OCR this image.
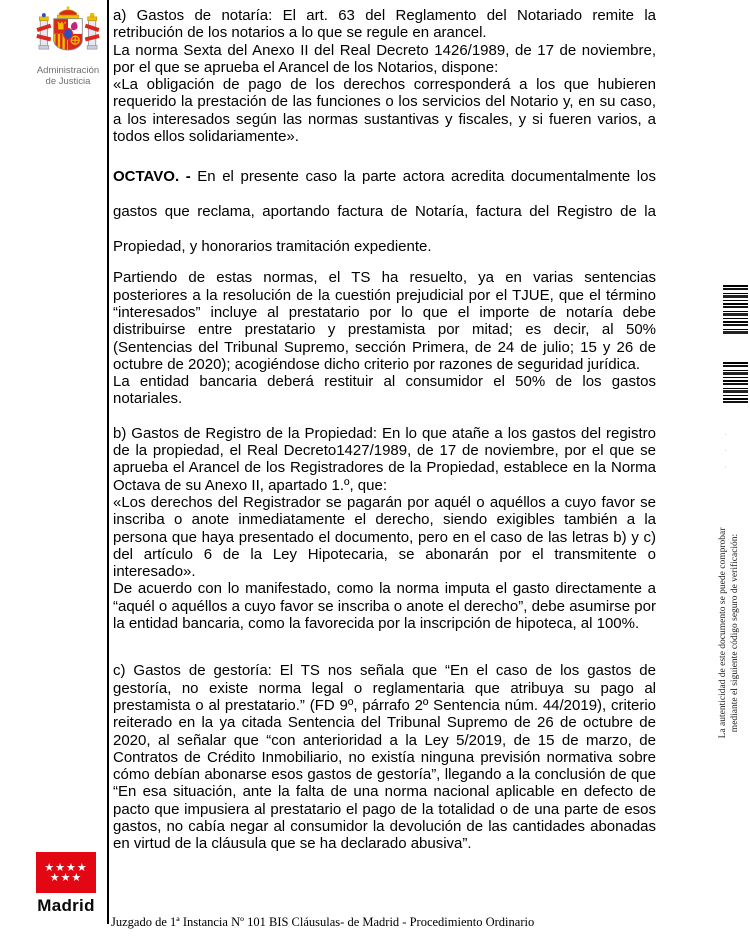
Administración
de Justicia
★★★★
★★★
Madrid

a) Gastos de notaría: El art. 63 del Reglamento del Notariado remite la retribución de los notarios a lo que se regule en arancel.

La norma Sexta del Anexo II del Real Decreto 1426/1989, de 17 de noviembre, por el que se aprueba el Arancel de los Notarios, dispone:

«La obligación de pago de los derechos corresponderá a los que hubieren requerido la prestación de las funciones o los servicios del Notario y, en su caso, a los interesados según las normas sustantivas y fiscales, y si fueren varios, a todos ellos solidariamente».

OCTAVO. - En el presente caso la parte actora acredita documentalmente los gastos que reclama, aportando factura de Notaría, factura del Registro de la Propiedad, y honorarios tramitación expediente.

Partiendo de estas normas, el TS ha resuelto, ya en varias sentencias posteriores a la resolución de la cuestión prejudicial por el TJUE, que el término “interesados” incluye al prestatario por lo que el importe de notaría debe distribuirse entre prestatario y prestamista por mitad; es decir, al 50% (Sentencias del Tribunal Supremo, sección Primera, de 24 de julio; 15 y 26 de octubre de 2020); acogiéndose dicho criterio por razones de seguridad jurídica.

La entidad bancaria deberá restituir al consumidor el 50% de los gastos notariales.

b) Gastos de Registro de la Propiedad: En lo que atañe a los gastos del registro de la propiedad, el Real Decreto1427/1989, de 17 de noviembre, por el que se aprueba el Arancel de los Registradores de la Propiedad, establece en la Norma Octava de su Anexo II, apartado 1.º, que:

«Los derechos del Registrador se pagarán por aquél o aquéllos a cuyo favor se inscriba o anote inmediatamente el derecho, siendo exigibles también a la persona que haya presentado el documento, pero en el caso de las letras b) y c) del artículo 6 de la Ley Hipotecaria, se abonarán por el transmitente o interesado».

De acuerdo con lo manifestado, como la norma imputa el gasto directamente a “aquél o aquéllos a cuyo favor se inscriba o anote el derecho”, debe asumirse por la entidad bancaria, como la favorecida por la inscripción de hipoteca, al 100%.

c) Gastos de gestoría: El TS nos señala que “En el caso de los gastos de gestoría, no existe norma legal o reglamentaria que atribuya su pago al prestamista o al prestatario.” (FD 9º, párrafo 2º Sentencia núm. 44/2019), criterio reiterado en la ya citada Sentencia del Tribunal Supremo de 26 de octubre de 2020, al señalar que “con anterioridad a la Ley 5/2019, de 15 de marzo, de Contratos de Crédito Inmobiliario, no existía ninguna previsión normativa sobre cómo debían abonarse esos gastos de gestoría”, llegando a la conclusión de que “En esa situación, ante la falta de una norma nacional aplicable en defecto de pacto que impusiera al prestatario el pago de la totalidad o de una parte de esos gastos, no cabía negar al consumidor la devolución de las cantidades abonadas en virtud de la cláusula que se ha declarado abusiva”.

Juzgado de 1ª Instancia Nº 101 BIS Cláusulas- de Madrid - Procedimiento Ordinario
· · ·
La autenticidad de este documento se puede comprobar mediante el siguiente código seguro de verificación:
